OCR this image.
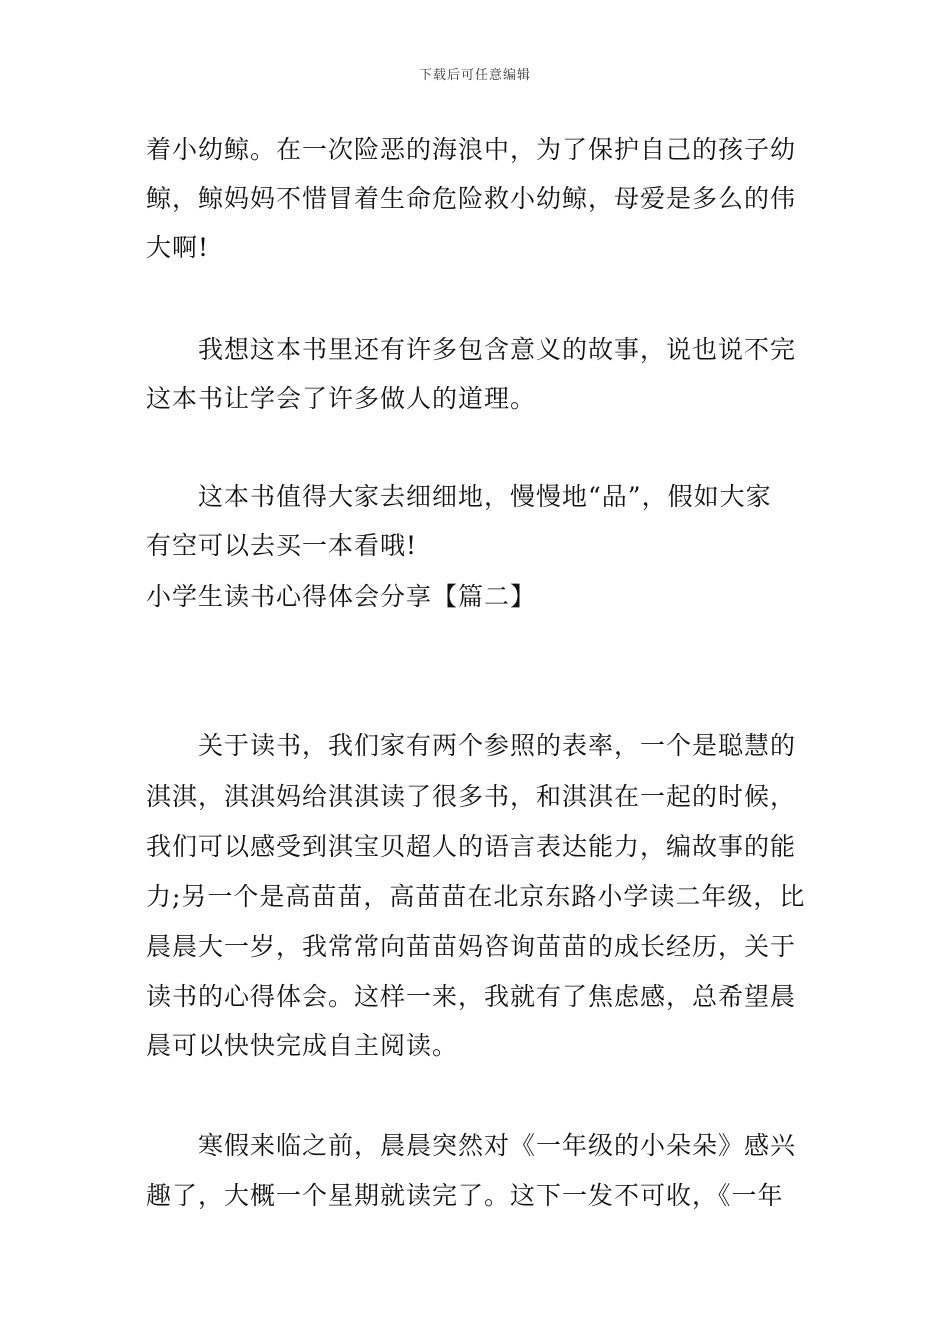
下载后可任意编辑
着小幼鲸。在一次险恶的海浪中，为了保护自己的孩子幼
鲸，鲸妈妈不惜冒着生命危险救小幼鲸，母爱是多么的伟
大啊!
　　我想这本书里还有许多包含意义的故事，说也说不完
这本书让学会了许多做人的道理。
　　这本书值得大家去细细地，慢慢地“品”，假如大家
有空可以去买一本看哦!
小学生读书心得体会分享【篇二】
　　关于读书，我们家有两个参照的表率，一个是聪慧的
淇淇，淇淇妈给淇淇读了很多书，和淇淇在一起的时候，
我们可以感受到淇宝贝超人的语言表达能力，编故事的能
力;另一个是高苗苗，高苗苗在北京东路小学读二年级，比
晨晨大一岁，我常常向苗苗妈咨询苗苗的成长经历，关于
读书的心得体会。这样一来，我就有了焦虑感，总希望晨
晨可以快快完成自主阅读。
　　寒假来临之前，晨晨突然对《一年级的小朵朵》感兴
趣了，大概一个星期就读完了。这下一发不可收，《一年
